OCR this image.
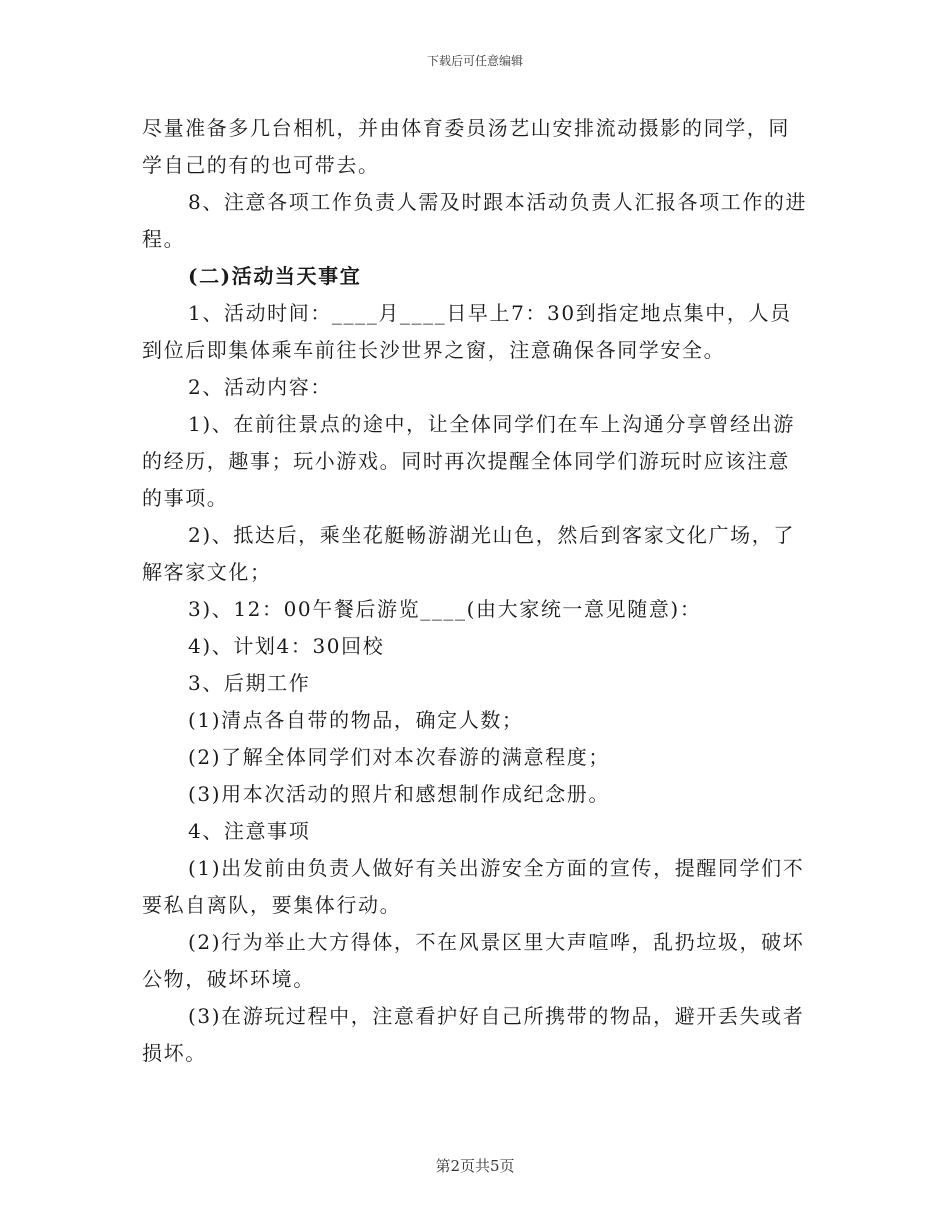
下载后可任意编辑

尽量准备多几台相机，并由体育委员汤艺山安排流动摄影的同学，同学自己的有的也可带去。

8、注意各项工作负责人需及时跟本活动负责人汇报各项工作的进程。

(二)活动当天事宜

1、活动时间：____月____日早上7：30到指定地点集中，人员到位后即集体乘车前往长沙世界之窗，注意确保各同学安全。

2、活动内容：

1)、在前往景点的途中，让全体同学们在车上沟通分享曾经出游的经历，趣事；玩小游戏。同时再次提醒全体同学们游玩时应该注意的事项。

2)、抵达后，乘坐花艇畅游湖光山色，然后到客家文化广场，了解客家文化；

3)、12：00午餐后游览____(由大家统一意见随意)：

4)、计划4：30回校

3、后期工作

(1)清点各自带的物品，确定人数；

(2)了解全体同学们对本次春游的满意程度；

(3)用本次活动的照片和感想制作成纪念册。

4、注意事项

(1)出发前由负责人做好有关出游安全方面的宣传，提醒同学们不要私自离队，要集体行动。

(2)行为举止大方得体，不在风景区里大声喧哗，乱扔垃圾，破坏公物，破坏环境。

(3)在游玩过程中，注意看护好自己所携带的物品，避开丢失或者损坏。

第2页共5页
